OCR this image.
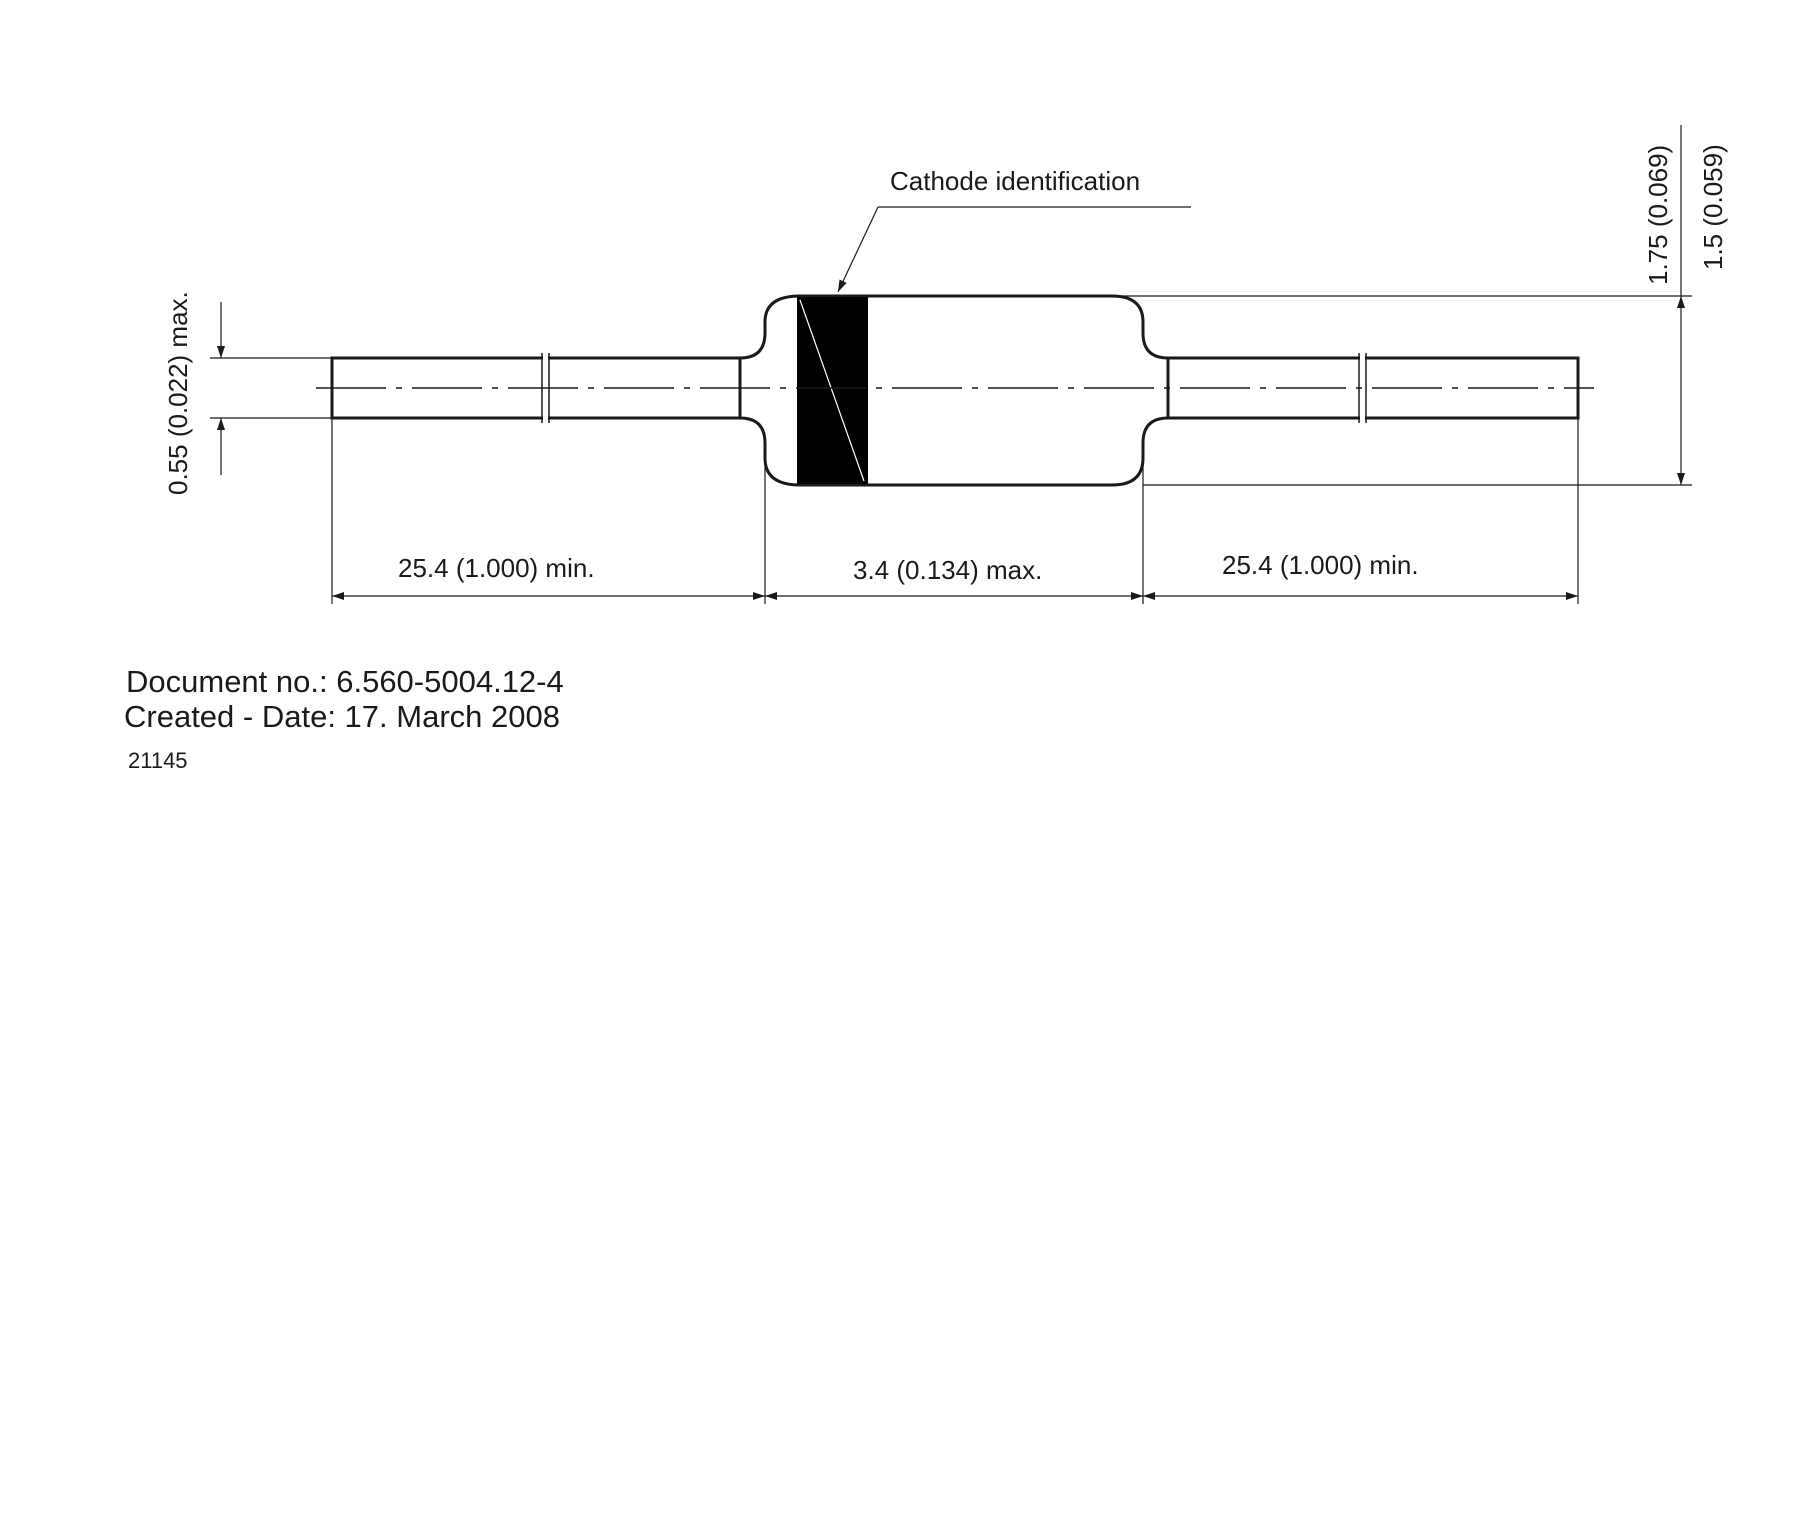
Cathode identification
0.55 (0.022) max.
1.75 (0.069) 1.5 (0.059)
25.4 (1.000) min.	3.4 (0.134) max.	25.4 (1.000) min.
Document no.: 6.560-5004.12-4
Created - Date: 17. March 2008
21145
